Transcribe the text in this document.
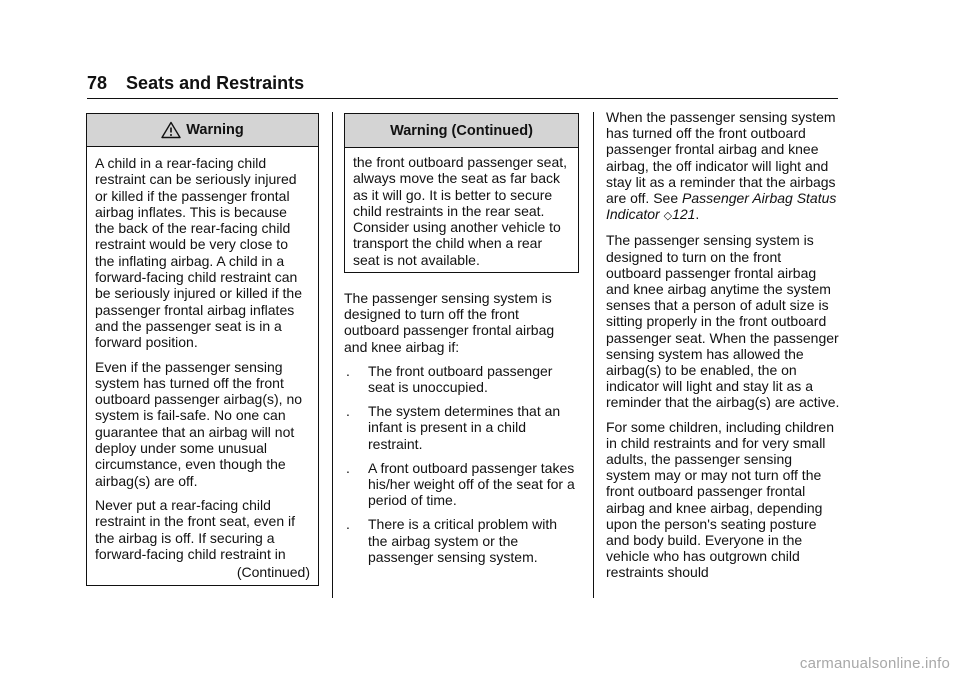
78 Seats and Restraints
Warning

A child in a rear-facing child restraint can be seriously injured or killed if the passenger frontal airbag inflates. This is because the back of the rear-facing child restraint would be very close to the inflating airbag. A child in a forward-facing child restraint can be seriously injured or killed if the passenger frontal airbag inflates and the passenger seat is in a forward position.

Even if the passenger sensing system has turned off the front outboard passenger airbag(s), no system is fail-safe. No one can guarantee that an airbag will not deploy under some unusual circumstance, even though the airbag(s) are off.

Never put a rear-facing child restraint in the front seat, even if the airbag is off. If securing a forward-facing child restraint in

(Continued)

Warning (Continued)

the front outboard passenger seat, always move the seat as far back as it will go. It is better to secure child restraints in the rear seat. Consider using another vehicle to transport the child when a rear seat is not available.

The passenger sensing system is designed to turn off the front outboard passenger frontal airbag and knee airbag if:

. The front outboard passenger seat is unoccupied.
. The system determines that an infant is present in a child restraint.
. A front outboard passenger takes his/her weight off of the seat for a period of time.
. There is a critical problem with the airbag system or the passenger sensing system.

When the passenger sensing system has turned off the front outboard passenger frontal airbag and knee airbag, the off indicator will light and stay lit as a reminder that the airbags are off. See Passenger Airbag Status Indicator ◇121.

The passenger sensing system is designed to turn on the front outboard passenger frontal airbag and knee airbag anytime the system senses that a person of adult size is sitting properly in the front outboard passenger seat. When the passenger sensing system has allowed the airbag(s) to be enabled, the on indicator will light and stay lit as a reminder that the airbag(s) are active.

For some children, including children in child restraints and for very small adults, the passenger sensing system may or may not turn off the front outboard passenger frontal airbag and knee airbag, depending upon the person's seating posture and body build. Everyone in the vehicle who has outgrown child restraints should

carmanualsonline.info
